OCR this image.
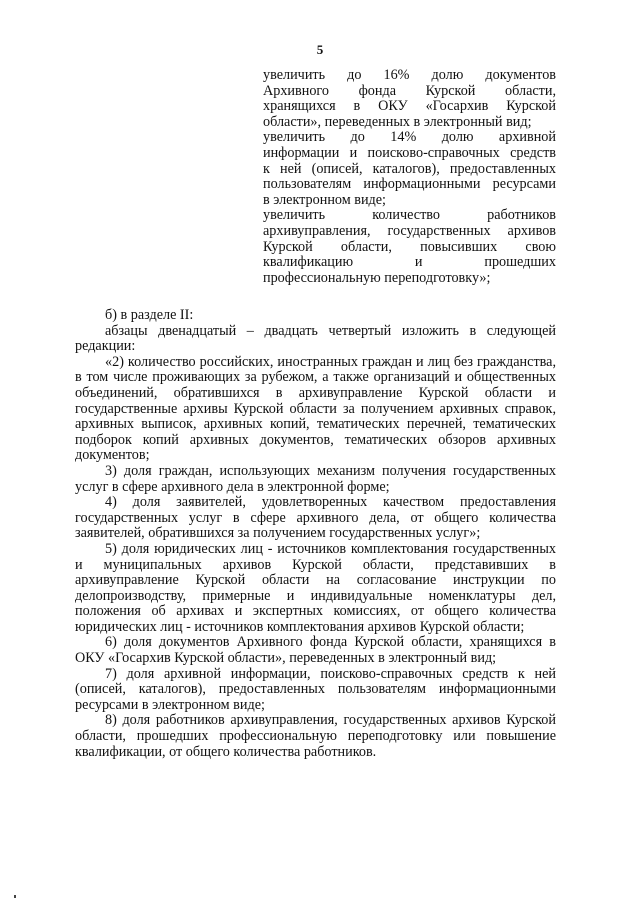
5

увеличить до 16% долю документов

Архивного фонда Курской области,

хранящихся в ОКУ «Госархив Курской

области», переведенных в электронный вид;

увеличить до 14% долю архивной

информации и поисково-справочных средств

к ней (описей, каталогов), предоставленных

пользователям информационными ресурсами

в электронном виде;

увеличить количество работников

архивуправления, государственных архивов

Курской области, повысивших свою

квалификацию и прошедших

профессиональную переподготовку»;

б) в разделе II:

абзацы двенадцатый – двадцать четвертый изложить в следующей редакции:

«2) количество российских, иностранных граждан и лиц без гражданства, в том числе проживающих за рубежом, а также организаций и общественных объединений, обратившихся в архивуправление Курской области и государственные архивы Курской области за получением архивных справок, архивных выписок, архивных копий, тематических перечней, тематических подборок копий архивных документов, тематических обзоров архивных документов;

3) доля граждан, использующих механизм получения государственных услуг в сфере архивного дела в электронной форме;

4) доля заявителей, удовлетворенных качеством предоставления государственных услуг в сфере архивного дела, от общего количества заявителей, обратившихся за получением государственных услуг»;

5) доля юридических лиц - источников комплектования государственных и муниципальных архивов Курской области, представивших в архивуправление Курской области на согласование инструкции по делопроизводству, примерные и индивидуальные номенклатуры дел, положения об архивах и экспертных комиссиях, от общего количества юридических лиц - источников комплектования архивов Курской области;

6) доля документов Архивного фонда Курской области, хранящихся в ОКУ «Госархив Курской области», переведенных в электронный вид;

7) доля архивной информации, поисково-справочных средств к ней (описей, каталогов), предоставленных пользователям информационными ресурсами в электронном виде;

8) доля работников архивуправления, государственных архивов Курской области, прошедших профессиональную переподготовку или повышение квалификации, от общего количества работников.
